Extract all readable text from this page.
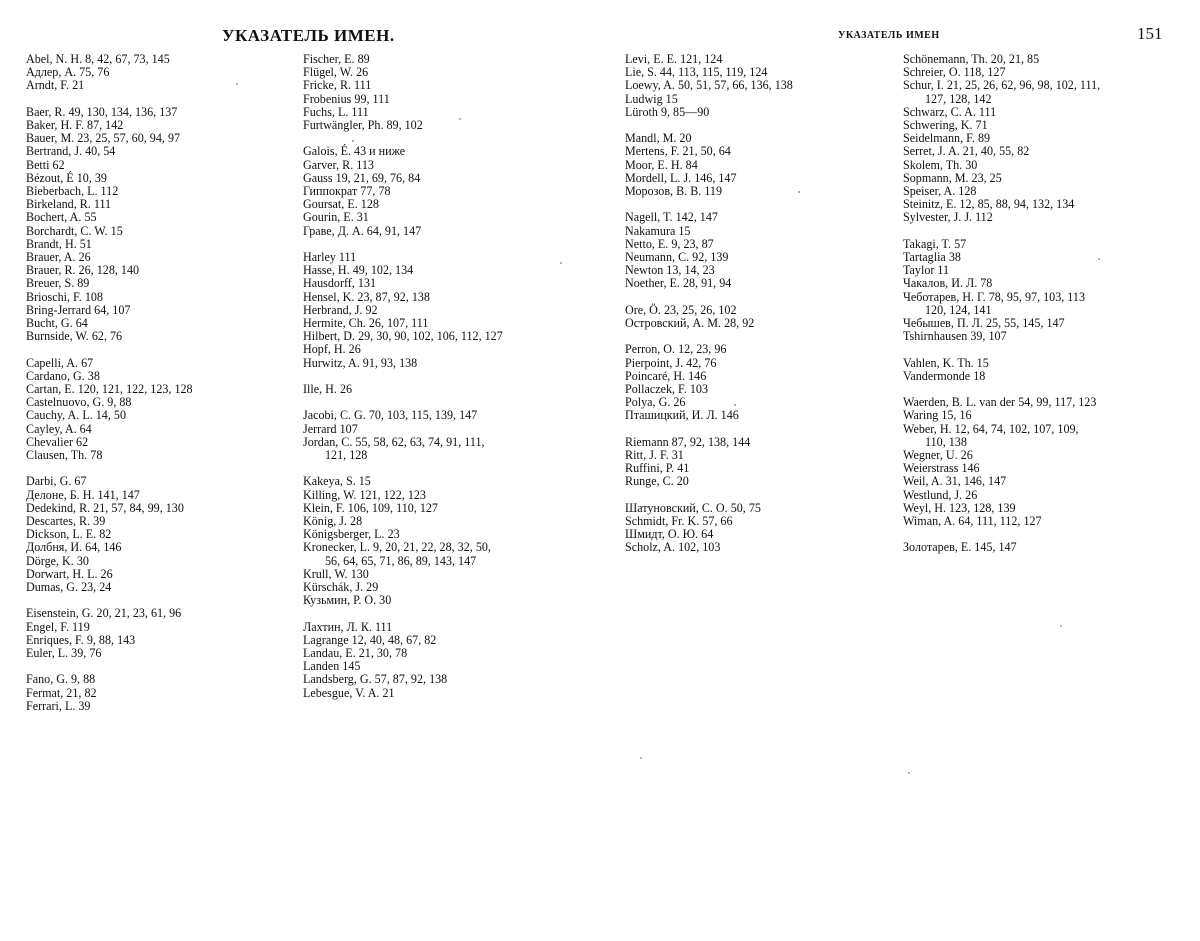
УКАЗАТЕЛЬ ИМЕН.	УКАЗАТЕЛЬ ИМЕН	151
Abel, N. H. 8, 42, 67, 73, 145
Адлер, А. 75, 76
Arndt, F. 21
Baer, R. 49, 130, 134, 136, 137
Baker, H. F. 87, 142
Bauer, M. 23, 25, 57, 60, 94, 97
Bertrand, J. 40, 54
Betti 62
Bézout, É 10, 39
Bieberbach, L. 112
Birkeland, R. 111
Bochert, A. 55
Borchardt, C. W. 15
Brandt, H. 51
Brauer, A. 26
Brauer, R. 26, 128, 140
Breuer, S. 89
Brioschi, F. 108
Bring-Jerrard 64, 107
Bucht, G. 64
Burnside, W. 62, 76
Capelli, A. 67
Cardano, G. 38
Cartan, E. 120, 121, 122, 123, 128
Castelnuovo, G. 9, 88
Cauchy, A. L. 14, 50
Cayley, A. 64
Chevalier 62
Clausen, Th. 78
Darbi, G. 67
Делоне, Б. Н. 141, 147
Dedekind, R. 21, 57, 84, 99, 130
Descartes, R. 39
Dickson, L. E. 82
Долбня, И. 64, 146
Dörge, K. 30
Dorwart, H. L. 26
Dumas, G. 23, 24
Eisenstein, G. 20, 21, 23, 61, 96
Engel, F. 119
Enriques, F. 9, 88, 143
Euler, L. 39, 76
Fano, G. 9, 88
Fermat, 21, 82
Ferrari, L. 39
Fischer, E. 89
Flügel, W. 26
Fricke, R. 111
Frobenius 99, 111
Fuchs, L. 111
Furtwängler, Ph. 89, 102
Galois, É. 43 и ниже
Garver, R. 113
Gauss 19, 21, 69, 76, 84
Гиппократ 77, 78
Goursat, E. 128
Gourin, E. 31
Граве, Д. А. 64, 91, 147
Harley 111
Hasse, H. 49, 102, 134
Hausdorff, 131
Hensel, K. 23, 87, 92, 138
Herbrand, J. 92
Hermite, Ch. 26, 107, 111
Hilbert, D. 29, 30, 90, 102, 106, 112, 127
Hopf, H. 26
Hurwitz, A. 91, 93, 138
Ille, H. 26
Jacobi, C. G. 70, 103, 115, 139, 147
Jerrard 107
Jordan, C. 55, 58, 62, 63, 74, 91, 111,
121, 128
Kakeya, S. 15
Killing, W. 121, 122, 123
Klein, F. 106, 109, 110, 127
König, J. 28
Königsberger, L. 23
Kronecker, L. 9, 20, 21, 22, 28, 32, 50,
56, 64, 65, 71, 86, 89, 143, 147
Krull, W. 130
Kürschák, J. 29
Кузьмин, Р. О. 30
Лахтин, Л. К. 111
Lagrange 12, 40, 48, 67, 82
Landau, E. 21, 30, 78
Landen 145
Landsberg, G. 57, 87, 92, 138
Lebesgue, V. A. 21
Levi, E. E. 121, 124
Lie, S. 44, 113, 115, 119, 124
Loewy, A. 50, 51, 57, 66, 136, 138
Ludwig 15
Lüroth 9, 85—90
Mandl, M. 20
Mertens, F. 21, 50, 64
Moor, E. H. 84
Mordell, L. J. 146, 147
Морозов, В. В. 119
Nagell, T. 142, 147
Nakamura 15
Netto, E. 9, 23, 87
Neumann, C. 92, 139
Newton 13, 14, 23
Noether, E. 28, 91, 94
Ore, Ö. 23, 25, 26, 102
Островский, А. М. 28, 92
Perron, O. 12, 23, 96
Pierpoint, J. 42, 76
Poincaré, H. 146
Pollaczek, F. 103
Polya, G. 26
Пташицкий, И. Л. 146
Riemann 87, 92, 138, 144
Ritt, J. F. 31
Ruffini, P. 41
Runge, C. 20
Шатуновский, С. О. 50, 75
Schmidt, Fr. K. 57, 66
Шмидт, О. Ю. 64
Scholz, A. 102, 103
Schönemann, Th. 20, 21, 85
Schreier, O. 118, 127
Schur, I. 21, 25, 26, 62, 96, 98, 102, 111,
127, 128, 142
Schwarz, C. A. 111
Schwering, K. 71
Seidelmann, F. 89
Serret, J. A. 21, 40, 55, 82
Skolem, Th. 30
Sopmann, M. 23, 25
Speiser, A. 128
Steinitz, E. 12, 85, 88, 94, 132, 134
Sylvester, J. J. 112
Takagi, T. 57
Tartaglia 38
Taylor 11
Чакалов, И. Л. 78
Чеботарев, Н. Г. 78, 95, 97, 103, 113
120, 124, 141
Чебышев, П. Л. 25, 55, 145, 147
Tshirnhausen 39, 107
Vahlen, K. Th. 15
Vandermonde 18
Waerden, B. L. van der 54, 99, 117, 123
Waring 15, 16
Weber, H. 12, 64, 74, 102, 107, 109,
110, 138
Wegner, U. 26
Weierstrass 146
Weil, A. 31, 146, 147
Westlund, J. 26
Weyl, H. 123, 128, 139
Wiman, A. 64, 111, 112, 127
Золотарев, Е. 145, 147
